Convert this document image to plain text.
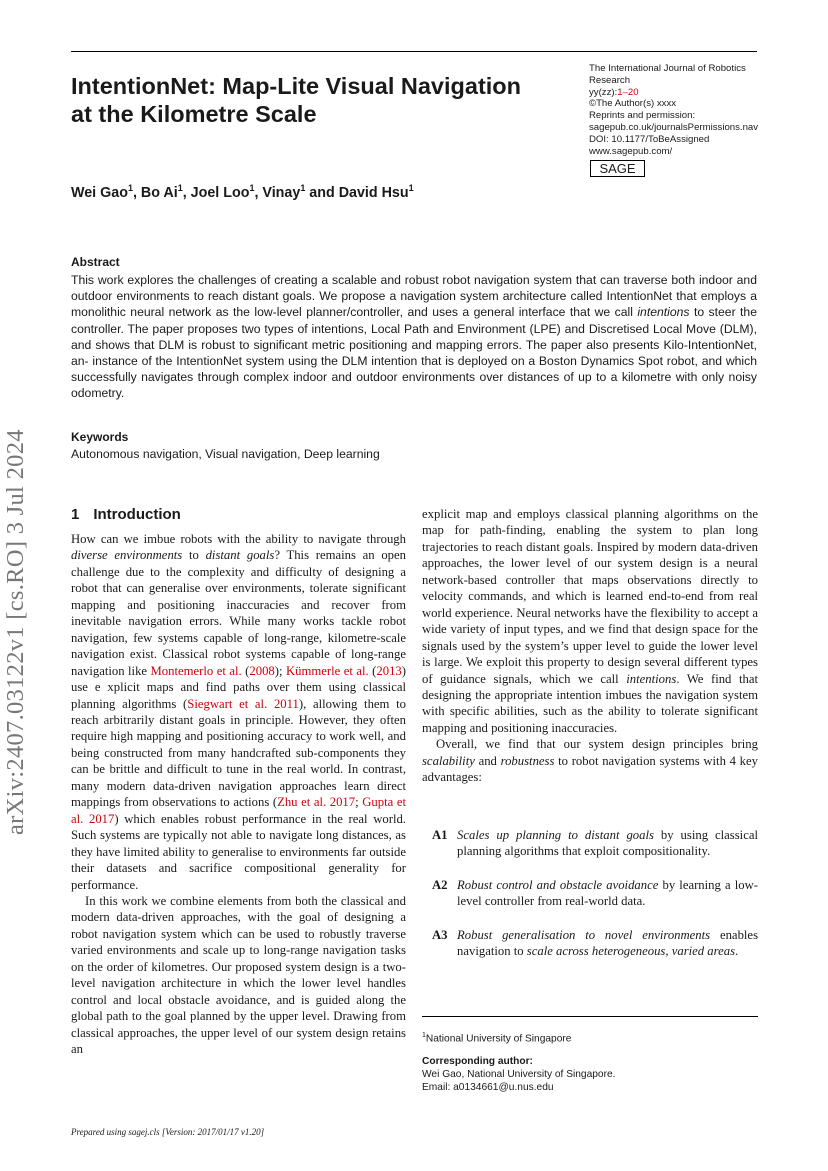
arXiv:2407.03122v1 [cs.RO] 3 Jul 2024
IntentionNet: Map-Lite Visual Navigation
at the Kilometre Scale
The International Journal of Robotics
Research
yy(zz):1–20
©The Author(s) xxxx
Reprints and permission:
sagepub.co.uk/journalsPermissions.nav
DOI: 10.1177/ToBeAssigned
www.sagepub.com/
SAGE
Wei Gao$^1$, Bo Ai$^1$, Joel Loo$^1$, Vinay$^1$ and David Hsu$^1$
Abstract
This work explores the challenges of creating a scalable and robust robot navigation system that can traverse both indoor and outdoor environments to reach distant goals. We propose a navigation system architecture called IntentionNet that employs a monolithic neural network as the low-level planner/controller, and uses a general interface that we call intentions to steer the controller. The paper proposes two types of intentions, Local Path and Environment (LPE) and Discretised Local Move (DLM), and shows that DLM is robust to significant metric positioning and mapping errors. The paper also presents Kilo-IntentionNet, an- instance of the IntentionNet system using the DLM intention that is deployed on a Boston Dynamics Spot robot, and which successfully navigates through complex indoor and outdoor environments over distances of up to a kilometre with only noisy odometry.
Keywords
Autonomous navigation, Visual navigation, Deep learning
1 Introduction

How can we imbue robots with the ability to navigate through diverse environments to distant goals? This remains an open challenge due to the complexity and difficulty of designing a robot that can generalise over environments, tolerate significant mapping and positioning inaccuracies and recover from inevitable navigation errors. While many works tackle robot navigation, few systems capable of long-range, kilometre-scale navigation exist. Classical robot systems capable of long-range navigation like Montemerlo et al. (2008); Kümmerle et al. (2013) use e xplicit maps and find paths over them using classical planning algorithms (Siegwart et al. 2011), allowing them to reach arbitrarily distant goals in principle. However, they often require high mapping and positioning accuracy to work well, and being constructed from many handcrafted sub-components they can be brittle and difficult to tune in the real world. In contrast, many modern data-driven navigation approaches learn direct mappings from observations to actions (Zhu et al. 2017; Gupta et al. 2017) which enables robust performance in the real world. Such systems are typically not able to navigate long distances, as they have limited ability to generalise to environments far outside their datasets and sacrifice compositional generality for performance.

In this work we combine elements from both the classical and modern data-driven approaches, with the goal of designing a robot navigation system which can be used to robustly traverse varied environments and scale up to long-range navigation tasks on the order of kilometres. Our proposed system design is a two-level navigation architecture in which the lower level handles control and local obstacle avoidance, and is guided along the global path to the goal planned by the upper level. Drawing from classical approaches, the upper level of our system design retains an

explicit map and employs classical planning algorithms on the map for path-finding, enabling the system to plan long trajectories to reach distant goals. Inspired by modern data-driven approaches, the lower level of our system design is a neural network-based controller that maps observations directly to velocity commands, and which is learned end-to-end from real world experience. Neural networks have the flexibility to accept a wide variety of input types, and we find that design space for the signals used by the system’s upper level to guide the lower level is large. We exploit this property to design several different types of guidance signals, which we call intentions. We find that designing the appropriate intention imbues the navigation system with specific abilities, such as the ability to tolerate significant mapping and positioning inaccuracies.

Overall, we find that our system design principles bring scalability and robustness to robot navigation systems with 4 key advantages:

A1 Scales up planning to distant goals by using classical planning algorithms that exploit compositionality.
A2 Robust control and obstacle avoidance by learning a low-level controller from real-world data.
A3 Robust generalisation to novel environments enables navigation to scale across heterogeneous, varied areas.
$^1$National University of Singapore
Corresponding author:
Wei Gao, National University of Singapore.
Email: a0134661@u.nus.edu
Prepared using sagej.cls [Version: 2017/01/17 v1.20]
